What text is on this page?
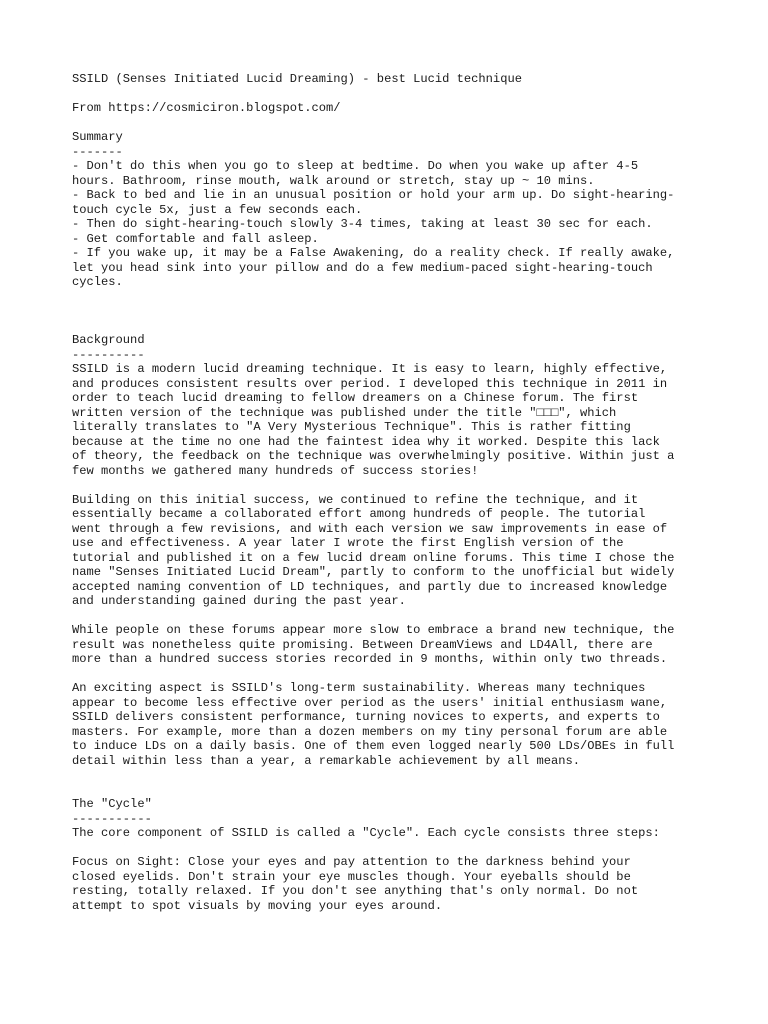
SSILD (Senses Initiated Lucid Dreaming) - best Lucid technique
From https://cosmiciron.blogspot.com/
Summary
-------
- Don't do this when you go to sleep at bedtime. Do when you wake up after 4-5
hours. Bathroom, rinse mouth, walk around or stretch, stay up ~ 10 mins.
- Back to bed and lie in an unusual position or hold your arm up. Do sight-hearing-
touch cycle 5x, just a few seconds each.
- Then do sight-hearing-touch slowly 3-4 times, taking at least 30 sec for each.
- Get comfortable and fall asleep.
- If you wake up, it may be a False Awakening, do a reality check. If really awake,
let you head sink into your pillow and do a few medium-paced sight-hearing-touch
cycles.
Background
----------
SSILD is a modern lucid dreaming technique. It is easy to learn, highly effective,
and produces consistent results over period. I developed this technique in 2011 in
order to teach lucid dreaming to fellow dreamers on a Chinese forum. The first
written version of the technique was published under the title "□□□", which
literally translates to "A Very Mysterious Technique". This is rather fitting
because at the time no one had the faintest idea why it worked. Despite this lack
of theory, the feedback on the technique was overwhelmingly positive. Within just a
few months we gathered many hundreds of success stories!
Building on this initial success, we continued to refine the technique, and it
essentially became a collaborated effort among hundreds of people. The tutorial
went through a few revisions, and with each version we saw improvements in ease of
use and effectiveness. A year later I wrote the first English version of the
tutorial and published it on a few lucid dream online forums. This time I chose the
name "Senses Initiated Lucid Dream", partly to conform to the unofficial but widely
accepted naming convention of LD techniques, and partly due to increased knowledge
and understanding gained during the past year.
While people on these forums appear more slow to embrace a brand new technique, the
result was nonetheless quite promising. Between DreamViews and LD4All, there are
more than a hundred success stories recorded in 9 months, within only two threads.
An exciting aspect is SSILD's long-term sustainability. Whereas many techniques
appear to become less effective over period as the users' initial enthusiasm wane,
SSILD delivers consistent performance, turning novices to experts, and experts to
masters. For example, more than a dozen members on my tiny personal forum are able
to induce LDs on a daily basis. One of them even logged nearly 500 LDs/OBEs in full
detail within less than a year, a remarkable achievement by all means.
The "Cycle"
-----------
The core component of SSILD is called a "Cycle". Each cycle consists three steps:
Focus on Sight: Close your eyes and pay attention to the darkness behind your
closed eyelids. Don't strain your eye muscles though. Your eyeballs should be
resting, totally relaxed. If you don't see anything that's only normal. Do not
attempt to spot visuals by moving your eyes around.
